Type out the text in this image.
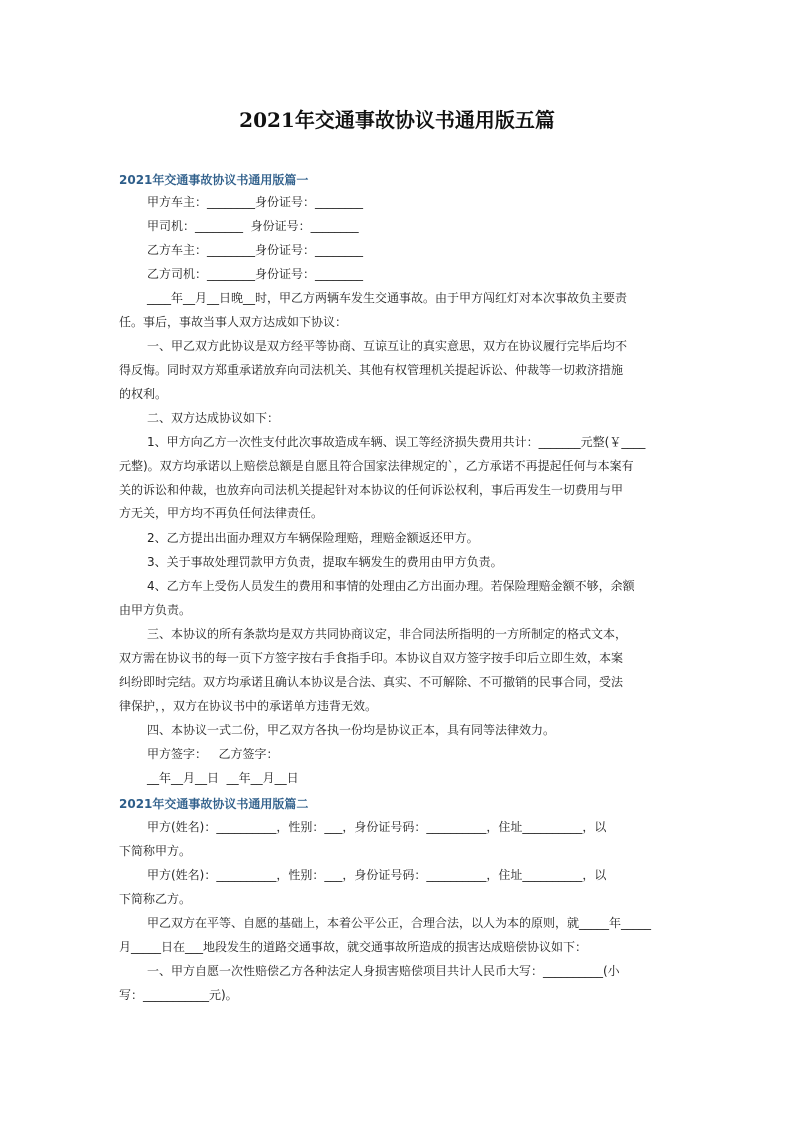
2021年交通事故协议书通用版五篇
2021年交通事故协议书通用版篇一
甲方车主：________身份证号：________
甲司机：________  身份证号：________
乙方车主：________身份证号：________
乙方司机：________身份证号：________
____年__月__日晚__时，甲乙方两辆车发生交通事故。由于甲方闯红灯对本次事故负主要责
任。事后，事故当事人双方达成如下协议：
一、甲乙双方此协议是双方经平等协商、互谅互让的真实意思，双方在协议履行完毕后均不
得反悔。同时双方郑重承诺放弃向司法机关、其他有权管理机关提起诉讼、仲裁等一切救济措施
的权利。
二、双方达成协议如下：
1、甲方向乙方一次性支付此次事故造成车辆、误工等经济损失费用共计：_______元整(￥____
元整)。双方均承诺以上赔偿总额是自愿且符合国家法律规定的`，乙方承诺不再提起任何与本案有
关的诉讼和仲裁，也放弃向司法机关提起针对本协议的任何诉讼权利，事后再发生一切费用与甲
方无关，甲方均不再负任何法律责任。
2、乙方提出出面办理双方车辆保险理赔，理赔金额返还甲方。
3、关于事故处理罚款甲方负责，提取车辆发生的费用由甲方负责。
4、乙方车上受伤人员发生的费用和事情的处理由乙方出面办理。若保险理赔金额不够，余额
由甲方负责。
三、本协议的所有条款均是双方共同协商议定，非合同法所指明的一方所制定的格式文本，
双方需在协议书的每一页下方签字按右手食指手印。本协议自双方签字按手印后立即生效，本案
纠纷即时完结。双方均承诺且确认本协议是合法、真实、不可解除、不可撤销的民事合同，受法
律保护，，双方在协议书中的承诺单方违背无效。
四、本协议一式二份，甲乙双方各执一份均是协议正本，具有同等法律效力。
甲方签字：   乙方签字：
__年__月__日  __年__月__日
2021年交通事故协议书通用版篇二
甲方(姓名)：__________，性别：___，身份证号码：__________，住址__________，以
下简称甲方。
甲方(姓名)：__________，性别：___，身份证号码：__________，住址__________，以
下简称乙方。
甲乙双方在平等、自愿的基础上，本着公平公正，合理合法，以人为本的原则，就_____年_____
月_____日在___地段发生的道路交通事故，就交通事故所造成的损害达成赔偿协议如下：
一、甲方自愿一次性赔偿乙方各种法定人身损害赔偿项目共计人民币大写：__________(小
写：___________元)。
